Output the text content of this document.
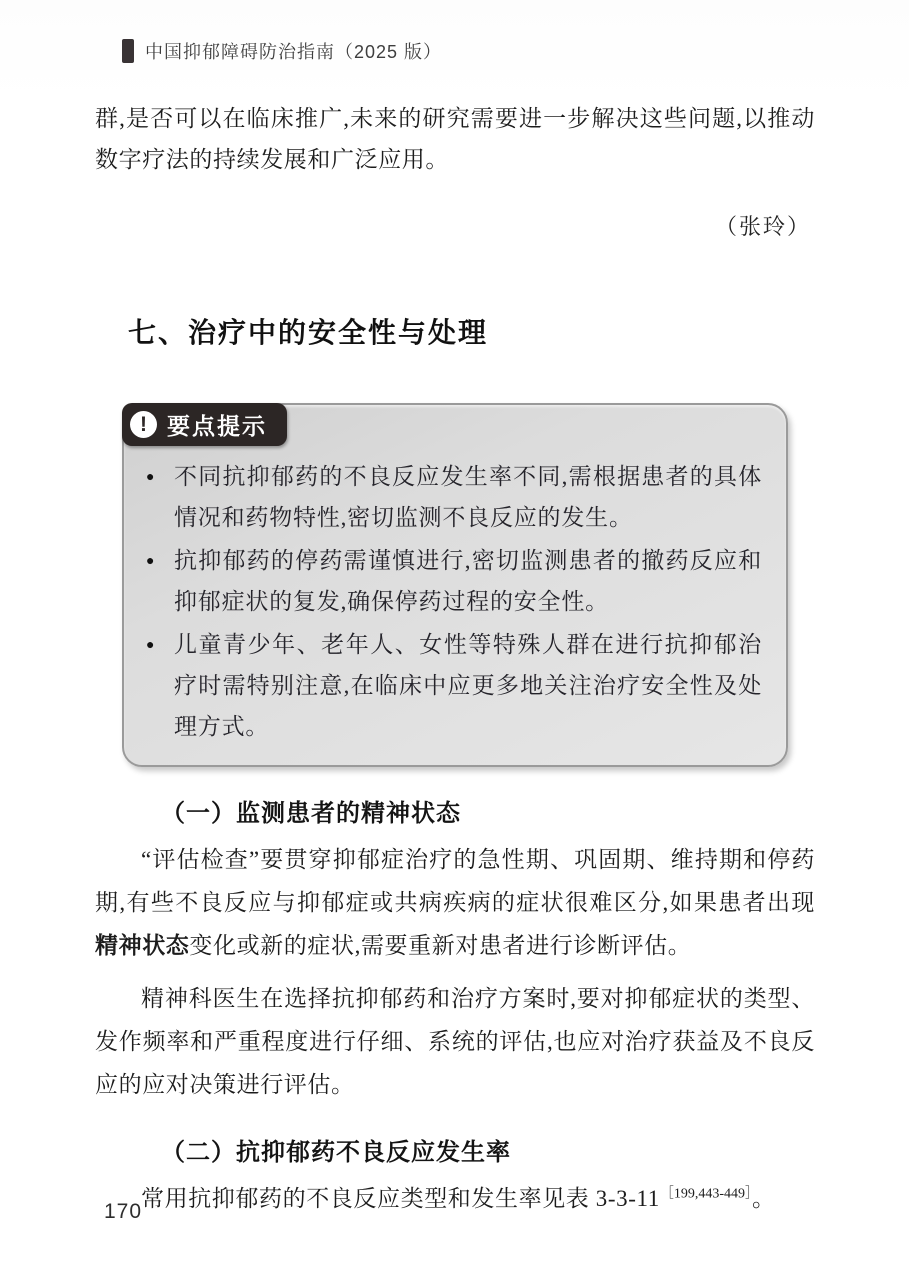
中国抑郁障碍防治指南（2025 版）

群,是否可以在临床推广,未来的研究需要进一步解决这些问题,以推动数字疗法的持续发展和广泛应用。

（张玲）
七、治疗中的安全性与处理
! 要点提示
● 不同抗抑郁药的不良反应发生率不同,需根据患者的具体情况和药物特性,密切监测不良反应的发生。
● 抗抑郁药的停药需谨慎进行,密切监测患者的撤药反应和抑郁症状的复发,确保停药过程的安全性。
● 儿童青少年、老年人、女性等特殊人群在进行抗抑郁治疗时需特别注意,在临床中应更多地关注治疗安全性及处理方式。
（一）监测患者的精神状态

“评估检查”要贯穿抑郁症治疗的急性期、巩固期、维持期和停药期,有些不良反应与抑郁症或共病疾病的症状很难区分,如果患者出现精神状态变化或新的症状,需要重新对患者进行诊断评估。

精神科医生在选择抗抑郁药和治疗方案时,要对抑郁症状的类型、发作频率和严重程度进行仔细、系统的评估,也应对治疗获益及不良反应的应对决策进行评估。

（二）抗抑郁药不良反应发生率

常用抗抑郁药的不良反应类型和发生率见表 $3-3-11^{[199,443-449]}$。

170
